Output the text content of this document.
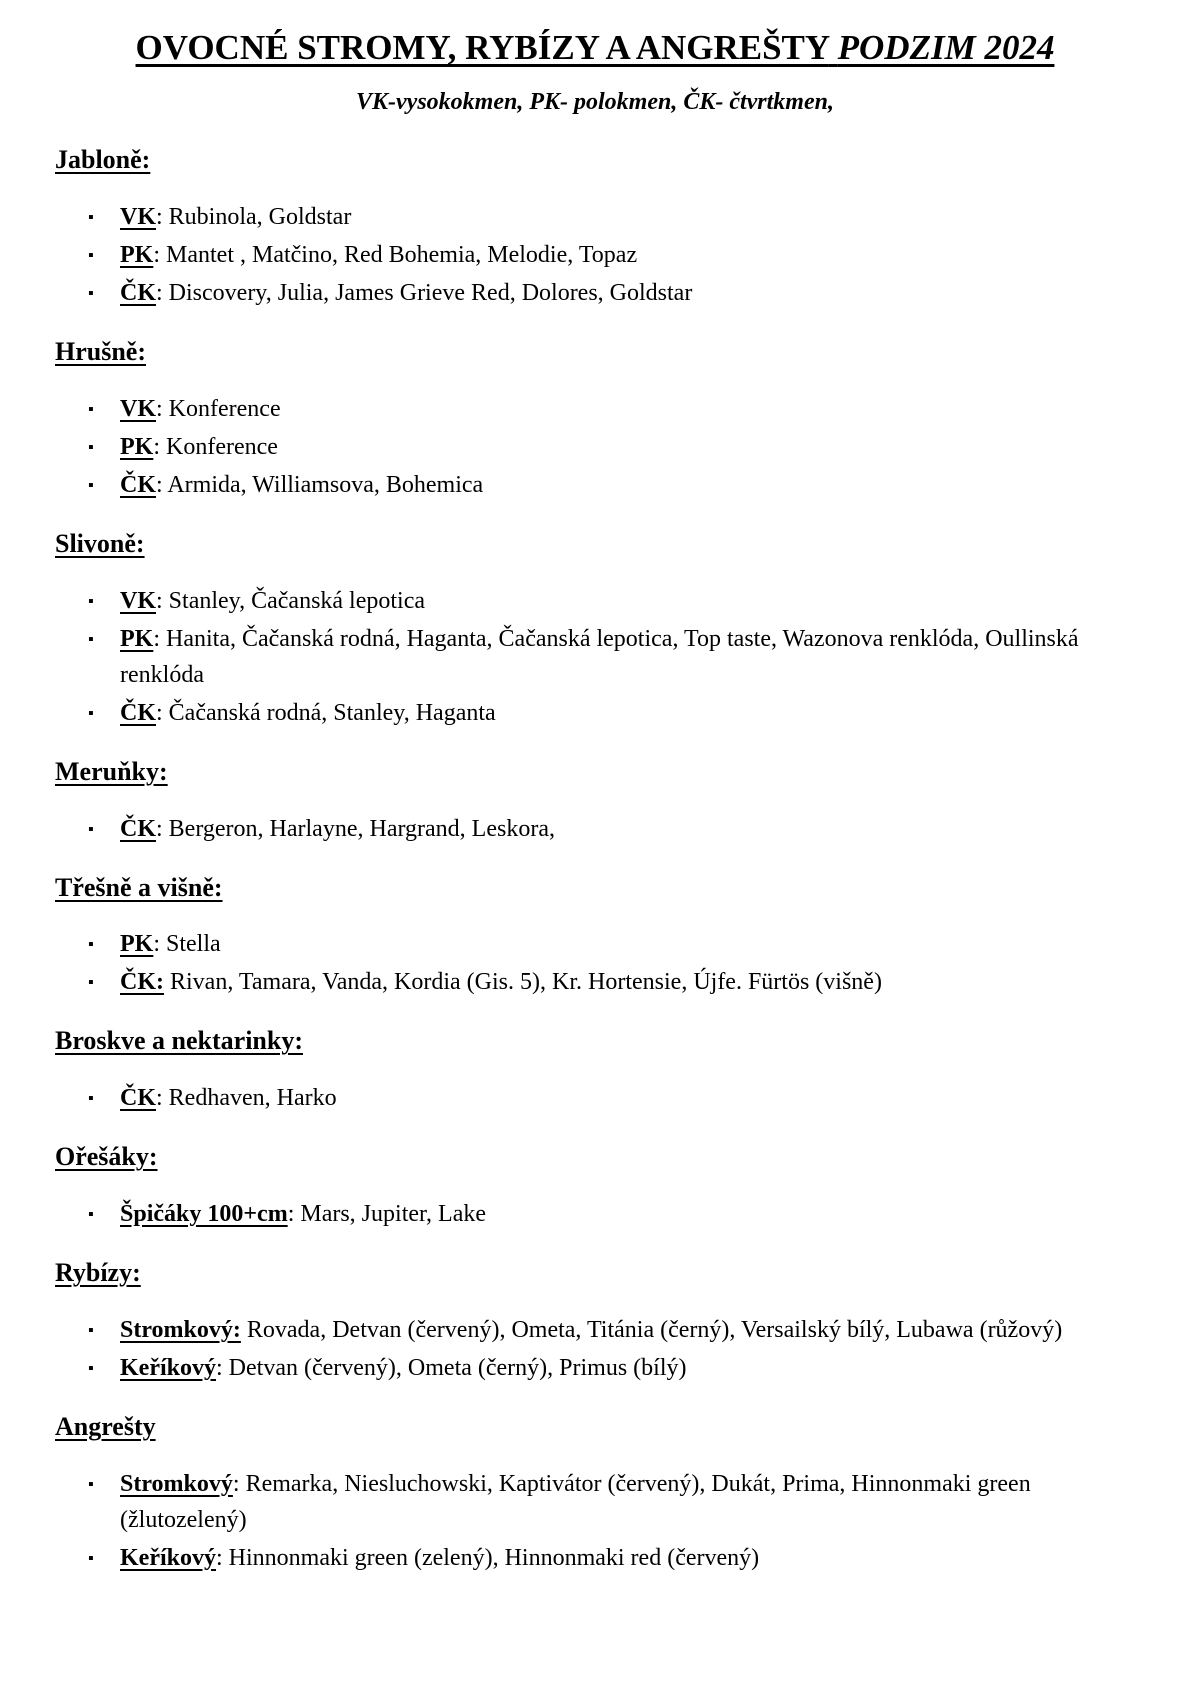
OVOCNÉ STROMY, RYBÍZY A ANGREŠTY PODZIM 2024

VK-vysokokmen, PK- polokmen, ČK- čtvrtkmen,

Jabloně:
▪ VK: Rubinola, Goldstar
▪ PK: Mantet , Matčino, Red Bohemia, Melodie, Topaz
▪ ČK: Discovery, Julia, James Grieve Red, Dolores, Goldstar
Hrušně:
▪ VK: Konference
▪ PK: Konference
▪ ČK: Armida, Williamsova, Bohemica
Slivoně:
▪ VK: Stanley, Čačanská lepotica
▪ PK: Hanita, Čačanská rodná, Haganta, Čačanská lepotica, Top taste, Wazonova renklóda, Oullinská renklóda
▪ ČK: Čačanská rodná, Stanley, Haganta
Meruňky:
▪ ČK: Bergeron, Harlayne, Hargrand, Leskora,
Třešně a višně:
▪ PK: Stella
▪ ČK: Rivan, Tamara, Vanda, Kordia (Gis. 5), Kr. Hortensie, Újfe. Fürtös (višně)
Broskve a nektarinky:
▪ ČK: Redhaven, Harko
Ořešáky:
▪ Špičáky 100+cm: Mars, Jupiter, Lake
Rybízy:
▪ Stromkový: Rovada, Detvan (červený), Ometa, Titánia (černý), Versailský bílý, Lubawa (růžový)
▪ Keříkový: Detvan (červený), Ometa (černý), Primus (bílý)
Angrešty
▪ Stromkový: Remarka, Niesluchowski, Kaptivátor (červený), Dukát, Prima, Hinnonmaki green (žlutozelený)
▪ Keříkový: Hinnonmaki green (zelený), Hinnonmaki red (červený)
